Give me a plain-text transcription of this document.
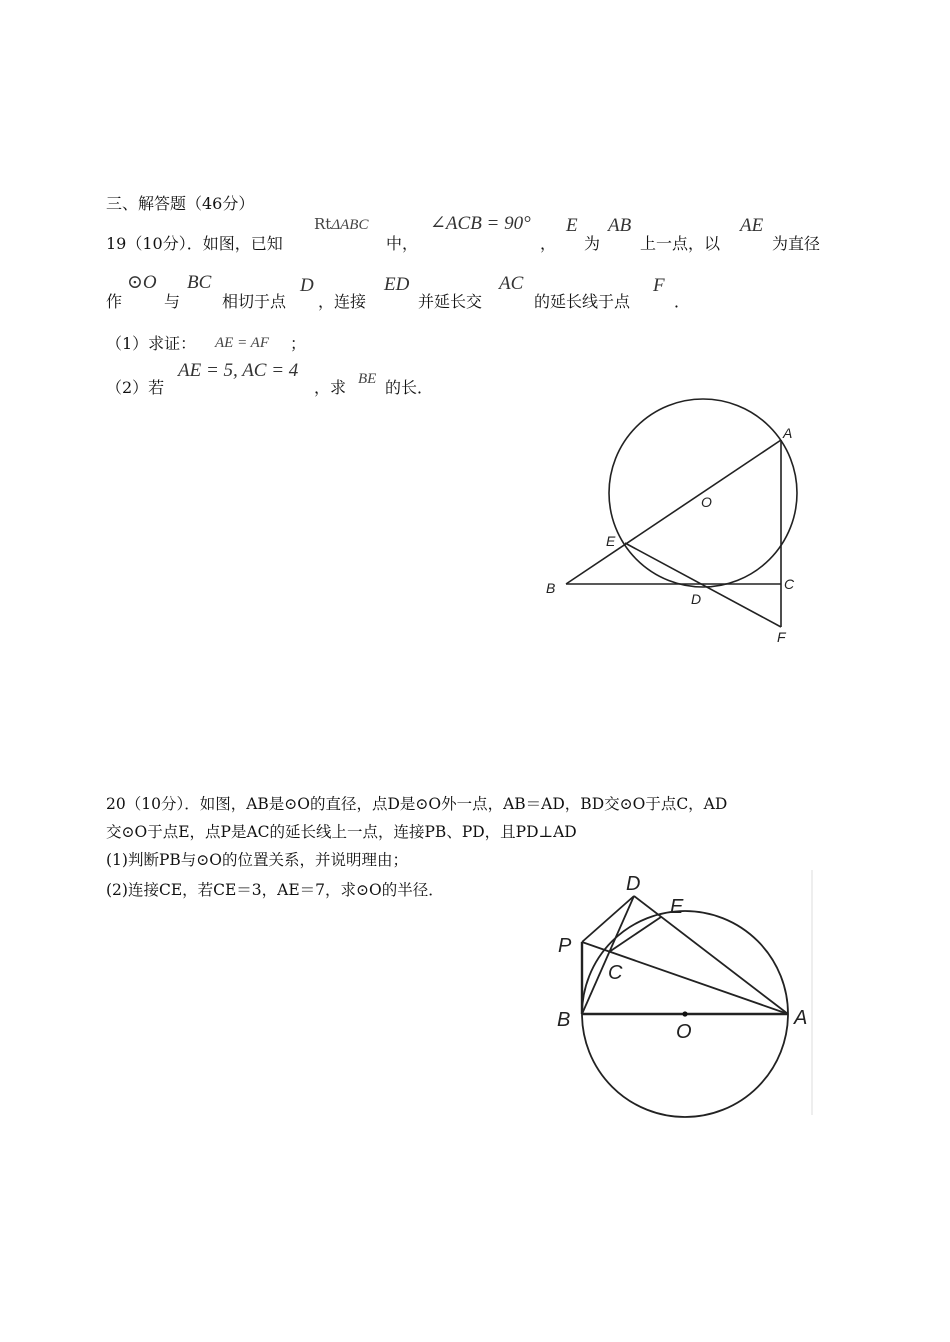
三、解答题（46分）
19（10分）．如图，已知
RtΔABC
中，
∠ACB = 90°
，
E
为
AB
上一点，以
AE
为直径
作
⊙O
与
BC
相切于点
D
，连接
ED
并延长交
AC
的延长线于点
F
．
（1）求证： AE = AF ；
（2）若
AE = 5, AC = 4
，求 BE 的长．
A
O
E
B
D
C
F
D
E
P
C
B
O
A
20（10分）．如图，AB是⊙O的直径，点D是⊙O外一点，AB＝AD，BD交⊙O于点C，AD
交⊙O于点E，点P是AC的延长线上一点，连接PB、PD，且PD⊥AD
(1)判断PB与⊙O的位置关系，并说明理由；
(2)连接CE，若CE＝3，AE＝7，求⊙O的半径．
